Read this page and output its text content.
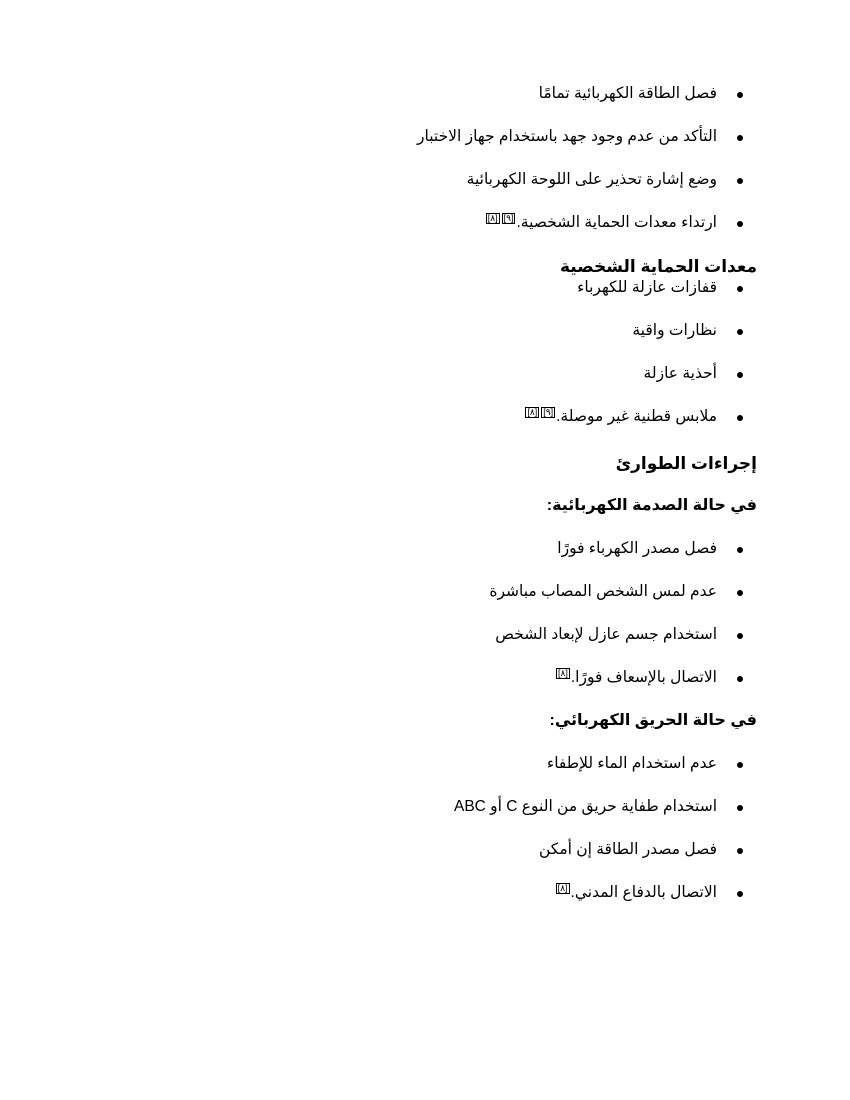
فصل الطاقة الكهربائية تمامًا
التأكد من عدم وجود جهد باستخدام جهاز الاختبار
وضع إشارة تحذير على اللوحة الكهربائية
ارتداء معدات الحماية الشخصية.[٩][٨]
معدات الحماية الشخصية
قفازات عازلة للكهرباء
نظارات واقية
أحذية عازلة
ملابس قطنية غير موصلة.[٩][٨]
إجراءات الطوارئ
في حالة الصدمة الكهربائية:
فصل مصدر الكهرباء فورًا
عدم لمس الشخص المصاب مباشرة
استخدام جسم عازل لإبعاد الشخص
الاتصال بالإسعاف فورًا.[٨]
في حالة الحريق الكهربائي:
عدم استخدام الماء للإطفاء
استخدام طفاية حريق من النوع C أو ABC
فصل مصدر الطاقة إن أمكن
الاتصال بالدفاع المدني.[٨]
